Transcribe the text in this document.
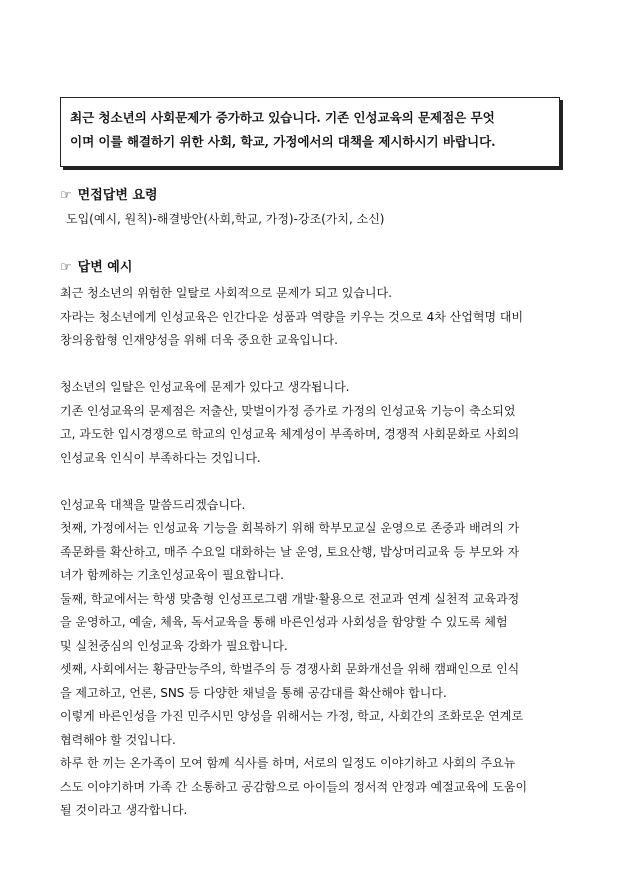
최근 청소년의 사회문제가 증가하고 있습니다. 기존 인성교육의 문제점은 무엇
이며 이를 해결하기 위한 사회, 학교, 가정에서의 대책을 제시하시기 바랍니다.
☞ 면접답변 요령
도입(예시, 원칙)-해결방안(사회,학교, 가정)-강조(가치, 소신)
☞ 답변 예시
최근 청소년의 위험한 일탈로 사회적으로 문제가 되고 있습니다.
자라는 청소년에게 인성교육은 인간다운 성품과 역량을 키우는 것으로 4차 산업혁명 대비
창의융합형 인재양성을 위해 더욱 중요한 교육입니다.
청소년의 일탈은 인성교육에 문제가 있다고 생각됩니다.
기존 인성교육의 문제점은 저출산, 맞벌이가정 증가로 가정의 인성교육 기능이 축소되었
고, 과도한 입시경쟁으로 학교의 인성교육 체계성이 부족하며, 경쟁적 사회문화로 사회의
인성교육 인식이 부족하다는 것입니다.
인성교육 대책을 말씀드리겠습니다.
첫째, 가정에서는 인성교육 기능을 회복하기 위해 학부모교실 운영으로 존중과 배려의 가
족문화를 확산하고, 매주 수요일 대화하는 날 운영, 토요산행, 밥상머리교육 등 부모와 자
녀가 함께하는 기초인성교육이 필요합니다.
둘째, 학교에서는 학생 맞춤형 인성프로그램 개발·활용으로 전교과 연계 실천적 교육과정
을 운영하고, 예술, 체육, 독서교육을 통해 바른인성과 사회성을 함양할 수 있도록 체험
및 실천중심의 인성교육 강화가 필요합니다.
셋째, 사회에서는 황금만능주의, 학벌주의 등 경쟁사회 문화개선을 위해 캠패인으로 인식
을 제고하고, 언론, SNS 등 다양한 채널을 통해 공감대를 확산해야 합니다.
이렇게 바른인성을 가진 민주시민 양성을 위해서는 가정, 학교, 사회간의 조화로운 연계로
협력해야 할 것입니다.
하루 한 끼는 온가족이 모여 함께 식사를 하며, 서로의 일정도 이야기하고 사회의 주요뉴
스도 이야기하며 가족 간 소통하고 공감함으로 아이들의 정서적 안정과 예절교육에 도움이
될 것이라고 생각합니다.
